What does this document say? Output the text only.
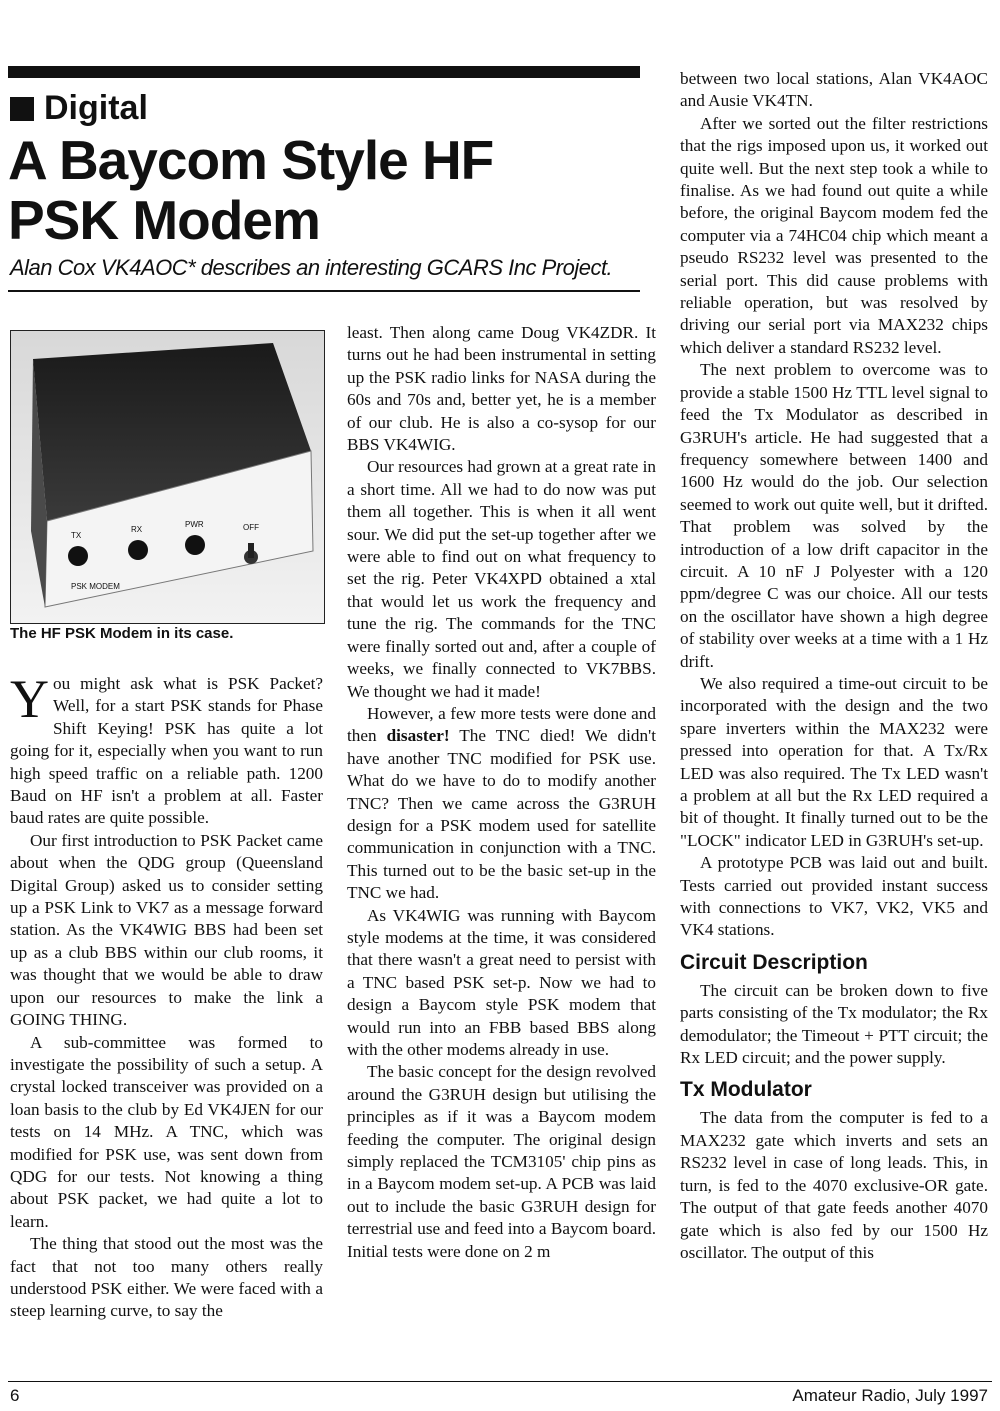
Digital
A Baycom Style HF
PSK Modem
Alan Cox VK4AOC* describes an interesting GCARS Inc Project.
TX
RX
PWR	OFF
PSK MODEM
The HF PSK Modem in its case.

You might ask what is PSK Packet? Well, for a start PSK stands for Phase Shift Keying! PSK has quite a lot going for it, especially when you want to run high speed traffic on a reliable path. 1200 Baud on HF isn't a problem at all. Faster baud rates are quite possible.

Our first introduction to PSK Packet came about when the QDG group (Queensland Digital Group) asked us to consider setting up a PSK Link to VK7 as a message forward station. As the VK4WIG BBS had been set up as a club BBS within our club rooms, it was thought that we would be able to draw upon our resources to make the link a GOING THING.

A sub-committee was formed to investigate the possibility of such a setup. A crystal locked transceiver was provided on a loan basis to the club by Ed VK4JEN for our tests on 14 MHz. A TNC, which was modified for PSK use, was sent down from QDG for our tests. Not knowing a thing about PSK packet, we had quite a lot to learn.

The thing that stood out the most was the fact that not too many others really understood PSK either. We were faced with a steep learning curve, to say the

least. Then along came Doug VK4ZDR. It turns out he had been instrumental in setting up the PSK radio links for NASA during the 60s and 70s and, better yet, he is a member of our club. He is also a co-sysop for our BBS VK4WIG.

Our resources had grown at a great rate in a short time. All we had to do now was put them all together. This is when it all went sour. We did put the set-up together after we were able to find out on what frequency to set the rig. Peter VK4XPD obtained a xtal that would let us work the frequency and tune the rig. The commands for the TNC were finally sorted out and, after a couple of weeks, we finally connected to VK7BBS. We thought we had it made!

However, a few more tests were done and then disaster! The TNC died! We didn't have another TNC modified for PSK use. What do we have to do to modify another TNC? Then we came across the G3RUH design for a PSK modem used for satellite communication in conjunction with a TNC. This turned out to be the basic set-up in the TNC we had.

As VK4WIG was running with Baycom style modems at the time, it was considered that there wasn't a great need to persist with a TNC based PSK set-p. Now we had to design a Baycom style PSK modem that would run into an FBB based BBS along with the other modems already in use.

The basic concept for the design revolved around the G3RUH design but utilising the principles as if it was a Baycom modem feeding the computer. The original design simply replaced the TCM3105' chip pins as in a Baycom modem set-up. A PCB was laid out to include the basic G3RUH design for terrestrial use and feed into a Baycom board. Initial tests were done on 2 m

between two local stations, Alan VK4AOC and Ausie VK4TN.

After we sorted out the filter restrictions that the rigs imposed upon us, it worked out quite well. But the next step took a while to finalise. As we had found out quite a while before, the original Baycom modem fed the computer via a 74HC04 chip which meant a pseudo RS232 level was presented to the serial port. This did cause problems with reliable operation, but was resolved by driving our serial port via MAX232 chips which deliver a standard RS232 level.

The next problem to overcome was to provide a stable 1500 Hz TTL level signal to feed the Tx Modulator as described in G3RUH's article. He had suggested that a frequency somewhere between 1400 and 1600 Hz would do the job. Our selection seemed to work out quite well, but it drifted. That problem was solved by the introduction of a low drift capacitor in the circuit. A 10 nF J Polyester with a 120 ppm/degree C was our choice. All our tests on the oscillator have shown a high degree of stability over weeks at a time with a 1 Hz drift.

We also required a time-out circuit to be incorporated with the design and the two spare inverters within the MAX232 were pressed into operation for that. A Tx/Rx LED was also required. The Tx LED wasn't a problem at all but the Rx LED required a bit of thought. It finally turned out to be the "LOCK" indicator LED in G3RUH's set-up.

A prototype PCB was laid out and built. Tests carried out provided instant success with connections to VK7, VK2, VK5 and VK4 stations.

Circuit Description

The circuit can be broken down to five parts consisting of the Tx modulator; the Rx demodulator; the Timeout + PTT circuit; the Rx LED circuit; and the power supply.

Tx Modulator

The data from the computer is fed to a MAX232 gate which inverts and sets an RS232 level in case of long leads. This, in turn, is fed to the 4070 exclusive-OR gate. The output of that gate feeds another 4070 gate which is also fed by our 1500 Hz oscillator. The output of this

6	Amateur Radio, July 1997
